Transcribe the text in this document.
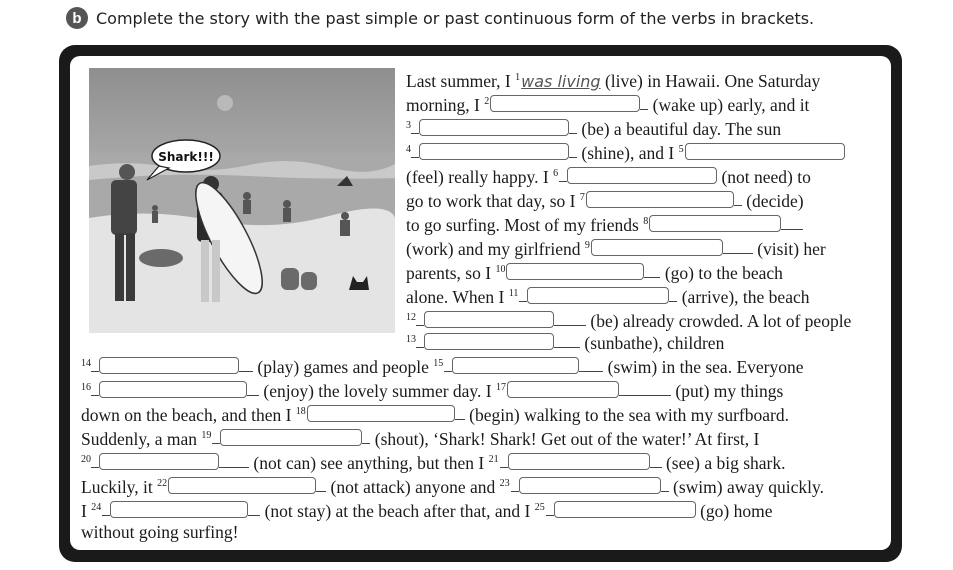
b Complete the story with the past simple or past continuous form of the verbs in brackets.
Shark!!!
Last summer, I $^1$was living (live) in Hawaii. One Saturday
morning, I $^2$	(wake up) early, and it
$^3$	(be) a beautiful day. The sun
$^4$	(shine), and I $^5$
(feel) really happy. I $^6$	(not need) to
go to work that day, so I $^7$	(decide)
to go surfing. Most of my friends $^8$
(work) and my girlfriend $^9$	(visit) her
parents, so I $^{10}$	(go) to the beach
alone. When I $^{11}$	(arrive), the beach
$^{12}$	(be) already crowded. A lot of people
$^{13}$	(sunbathe), children
$^{14}$	(play) games and people $^{15}$	(swim) in the sea. Everyone
$^{16}$	(enjoy) the lovely summer day. I $^{17}$	(put) my things
down on the beach, and then I $^{18}$	(begin) walking to the sea with my surfboard.
Suddenly, a man $^{19}$	(shout), ‘Shark! Shark! Get out of the water!’ At first, I
$^{20}$	(not can) see anything, but then I $^{21}$	(see) a big shark.
Luckily, it $^{22}$	(not attack) anyone and $^{23}$	(swim) away quickly.
I $^{24}$	(not stay) at the beach after that, and I $^{25}$	(go) home
without going surfing!
